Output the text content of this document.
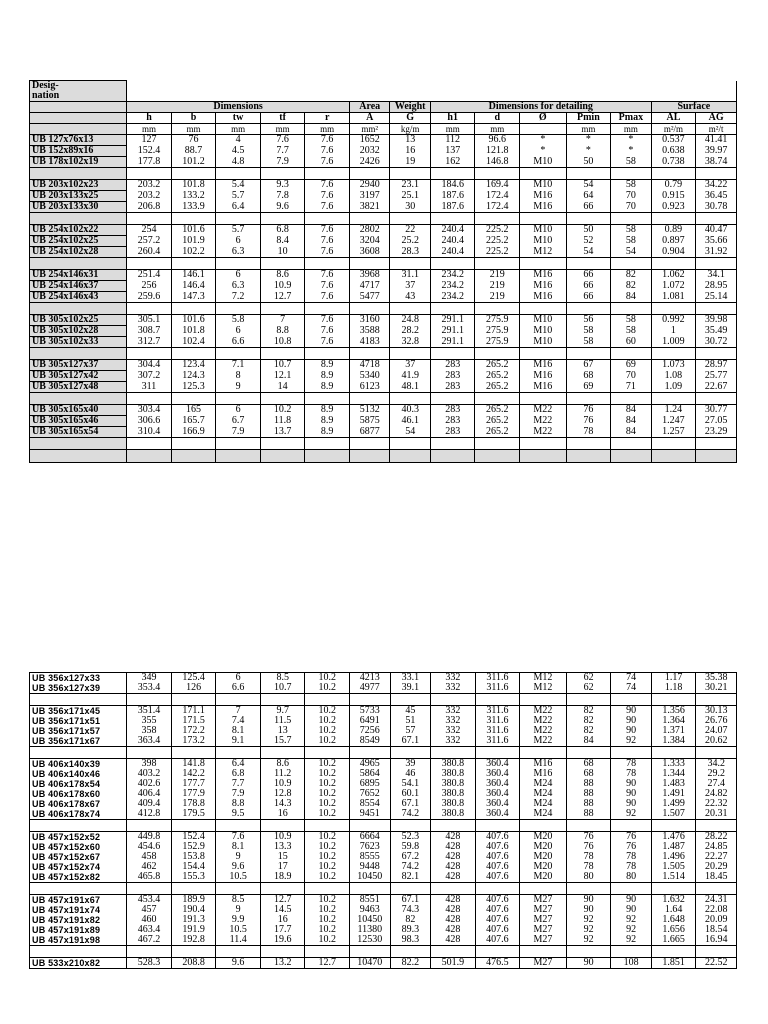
Desig-
nation														

	Dimensions					Area	Weight	Dimensions for detailing					Surface	
	h	b	tw	tf	r	A	G	h1	d	Ø	Pmin	Pmax	AL	AG
	mm	mm	mm	mm	mm	mm²	kg/m	mm	mm		mm	mm	m²/m	m²/t
UB 127x76x13	127	76	4	7.6	7.6	1652	13	112	96.6	*	*	*	0.537	41.41
UB 152x89x16	152.4	88.7	4.5	7.7	7.6	2032	16	137	121.8	*	*	*	0.638	39.97
UB 178x102x19	177.8	101.2	4.8	7.9	7.6	2426	19	162	146.8	M10	50	58	0.738	38.74

UB 203x102x23	203.2	101.8	5.4	9.3	7.6	2940	23.1	184.6	169.4	M10	54	58	0.79	34.22
UB 203x133x25	203.2	133.2	5.7	7.8	7.6	3197	25.1	187.6	172.4	M16	64	70	0.915	36.45
UB 203x133x30	206.8	133.9	6.4	9.6	7.6	3821	30	187.6	172.4	M16	66	70	0.923	30.78

UB 254x102x22	254	101.6	5.7	6.8	7.6	2802	22	240.4	225.2	M10	50	58	0.89	40.47
UB 254x102x25	257.2	101.9	6	8.4	7.6	3204	25.2	240.4	225.2	M10	52	58	0.897	35.66
UB 254x102x28	260.4	102.2	6.3	10	7.6	3608	28.3	240.4	225.2	M12	54	54	0.904	31.92

UB 254x146x31	251.4	146.1	6	8.6	7.6	3968	31.1	234.2	219	M16	66	82	1.062	34.1
UB 254x146x37	256	146.4	6.3	10.9	7.6	4717	37	234.2	219	M16	66	82	1.072	28.95
UB 254x146x43	259.6	147.3	7.2	12.7	7.6	5477	43	234.2	219	M16	66	84	1.081	25.14

UB 305x102x25	305.1	101.6	5.8	7	7.6	3160	24.8	291.1	275.9	M10	56	58	0.992	39.98
UB 305x102x28	308.7	101.8	6	8.8	7.6	3588	28.2	291.1	275.9	M10	58	58	1	35.49
UB 305x102x33	312.7	102.4	6.6	10.8	7.6	4183	32.8	291.1	275.9	M10	58	60	1.009	30.72

UB 305x127x37	304.4	123.4	7.1	10.7	8.9	4718	37	283	265.2	M16	67	69	1.073	28.97
UB 305x127x42	307.2	124.3	8	12.1	8.9	5340	41.9	283	265.2	M16	68	70	1.08	25.77
UB 305x127x48	311	125.3	9	14	8.9	6123	48.1	283	265.2	M16	69	71	1.09	22.67

UB 305x165x40	303.4	165	6	10.2	8.9	5132	40.3	283	265.2	M22	76	84	1.24	30.77
UB 305x165x46	306.6	165.7	6.7	11.8	8.9	5875	46.1	283	265.2	M22	76	84	1.247	27.05
UB 305x165x54	310.4	166.9	7.9	13.7	8.9	6877	54	283	265.2	M22	78	84	1.257	23.29

UB 356x127x33	349	125.4	6	8.5	10.2	4213	33.1	332	311.6	M12	62	74	1.17	35.38
UB 356x127x39	353.4	126	6.6	10.7	10.2	4977	39.1	332	311.6	M12	62	74	1.18	30.21

UB 356x171x45	351.4	171.1	7	9.7	10.2	5733	45	332	311.6	M22	82	90	1.356	30.13
UB 356x171x51	355	171.5	7.4	11.5	10.2	6491	51	332	311.6	M22	82	90	1.364	26.76
UB 356x171x57	358	172.2	8.1	13	10.2	7256	57	332	311.6	M22	82	90	1.371	24.07
UB 356x171x67	363.4	173.2	9.1	15.7	10.2	8549	67.1	332	311.6	M22	84	92	1.384	20.62

UB 406x140x39	398	141.8	6.4	8.6	10.2	4965	39	380.8	360.4	M16	68	78	1.333	34.2
UB 406x140x46	403.2	142.2	6.8	11.2	10.2	5864	46	380.8	360.4	M16	68	78	1.344	29.2
UB 406x178x54	402.6	177.7	7.7	10.9	10.2	6895	54.1	380.8	360.4	M24	88	90	1.483	27.4
UB 406x178x60	406.4	177.9	7.9	12.8	10.2	7652	60.1	380.8	360.4	M24	88	90	1.491	24.82
UB 406x178x67	409.4	178.8	8.8	14.3	10.2	8554	67.1	380.8	360.4	M24	88	90	1.499	22.32
UB 406x178x74	412.8	179.5	9.5	16	10.2	9451	74.2	380.8	360.4	M24	88	92	1.507	20.31

UB 457x152x52	449.8	152.4	7.6	10.9	10.2	6664	52.3	428	407.6	M20	76	76	1.476	28.22
UB 457x152x60	454.6	152.9	8.1	13.3	10.2	7623	59.8	428	407.6	M20	76	76	1.487	24.85
UB 457x152x67	458	153.8	9	15	10.2	8555	67.2	428	407.6	M20	78	78	1.496	22.27
UB 457x152x74	462	154.4	9.6	17	10.2	9448	74.2	428	407.6	M20	78	78	1.505	20.29
UB 457x152x82	465.8	155.3	10.5	18.9	10.2	10450	82.1	428	407.6	M20	80	80	1.514	18.45

UB 457x191x67	453.4	189.9	8.5	12.7	10.2	8551	67.1	428	407.6	M27	90	90	1.632	24.31
UB 457x191x74	457	190.4	9	14.5	10.2	9463	74.3	428	407.6	M27	90	90	1.64	22.08
UB 457x191x82	460	191.3	9.9	16	10.2	10450	82	428	407.6	M27	92	92	1.648	20.09
UB 457x191x89	463.4	191.9	10.5	17.7	10.2	11380	89.3	428	407.6	M27	92	92	1.656	18.54
UB 457x191x98	467.2	192.8	11.4	19.6	10.2	12530	98.3	428	407.6	M27	92	92	1.665	16.94

UB 533x210x82	528.3	208.8	9.6	13.2	12.7	10470	82.2	501.9	476.5	M27	90	108	1.851	22.52
